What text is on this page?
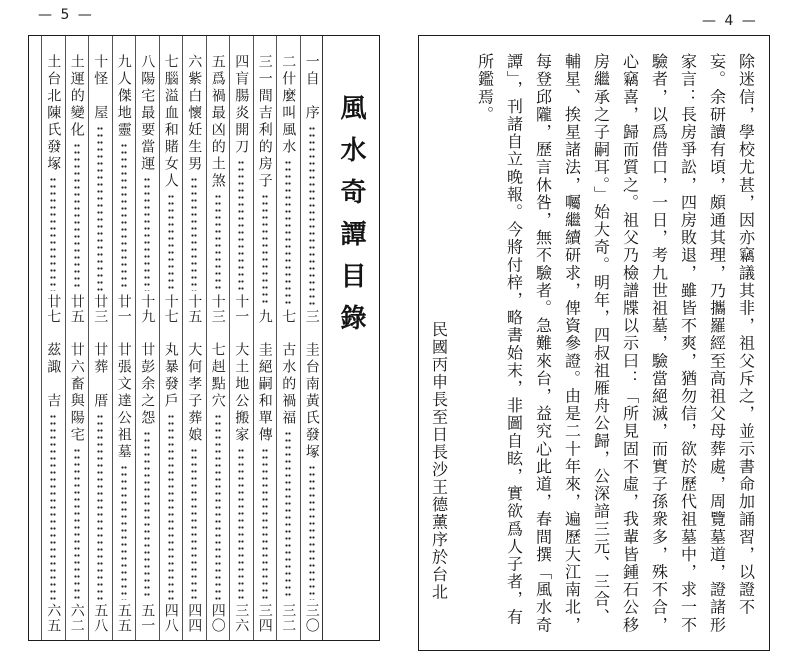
— 5 —	— 4 —
風水奇譚目錄
一自　序
三
圭台南黃氏發塚
三〇
二什麼叫風水
七
古水的禍福
三二
三一間吉利的房子
九
圭絕嗣和單傳
三四
四肓腸炎開刀
十一
大土地公搬家
三六
五爲禍最凶的土煞
十三
七赳點穴
四〇
六紫白懷妊生男
十五
大何孝子葬娘
四四
七腦溢血和賭女人
十七
丸暴發戶
四八
八陽宅最要當運
十九
廿彭余之怨
五一
九人傑地靈
廿一
廿張文達公祖墓
五五
十怪　屋
廿三
廿葬　厝
五八
土運的變化
廿五
廿六畜與陽宅
六二
土台北陳氏發塚
廿七
茲諏　吉
六五
民國丙申長至日長沙王德薰序於台北	除迷信，學校尤甚，因亦竊議其非，祖父斥之，並示書命加誦習，以證不
妄。余研讀有頃，頗通其理，乃攜羅經至高祖父母葬處，周覽墓道，證諸形
家言：長房爭訟，四房敗退，雖皆不爽，猶勿信，欲於歷代祖墓中，求一不
驗者，以爲借口，一日，考九世祖墓，驗當絕滅，而實子孫衆多，殊不合，
心竊喜，歸而質之。祖父乃檢譜牒以示曰：「所見固不虛，我輩皆鍾石公移
房繼承之子嗣耳。」始大奇。明年，四叔祖雁舟公歸，公深諳三元、三合、
輔星、挨星諸法，囑繼續研求，俾資參證。由是二十年來，遍歷大江南北，
每登邱隴，歷言休咎，無不驗者。急難來台，益究心此道，春間撰「風水奇
譚」，刊諸自立晚報。今將付梓，略書始末，非圖自眩，實欲爲人子者，有
所鑑焉。
